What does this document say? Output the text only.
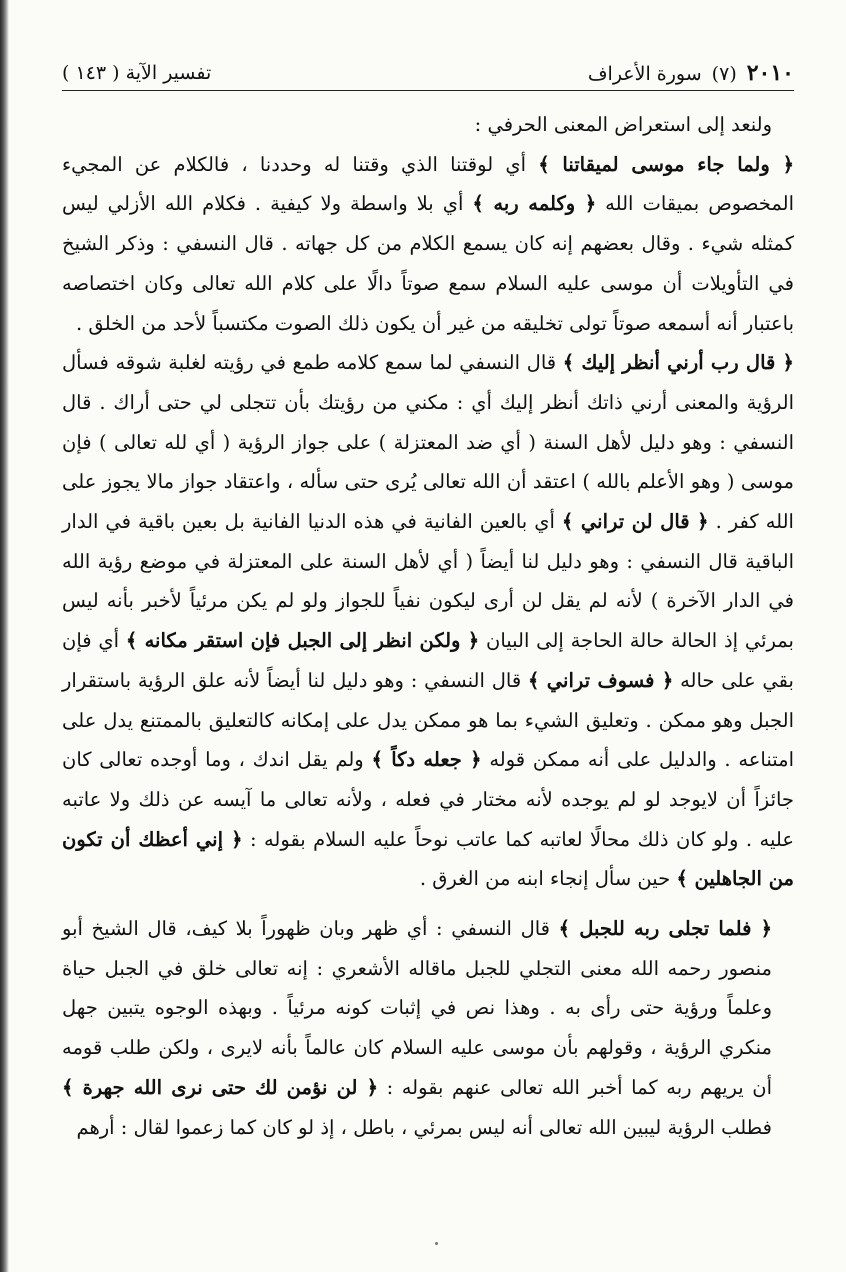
٢٠١٠
(٧)
سورة الأعراف
تفسير الآية ( ١٤٣ )

ولنعد إلى استعراض المعنى الحرفي :

﴿ ولما جاء موسى لميقاتنا ﴾ أي لوقتنا الذي وقتنا له وحددنا ، فالكلام عن المجيء المخصوص بميقات الله ﴿ وكلمه ربه ﴾ أي بلا واسطة ولا كيفية . فكلام الله الأزلي ليس كمثله شيء . وقال بعضهم إنه كان يسمع الكلام من كل جهاته . قال النسفي : وذكر الشيخ في التأويلات أن موسى عليه السلام سمع صوتاً دالًا على كلام الله تعالى وكان اختصاصه باعتبار أنه أسمعه صوتاً تولى تخليقه من غير أن يكون ذلك الصوت مكتسباً لأحد من الخلق .

﴿ قال رب أرني أنظر إليك ﴾ قال النسفي لما سمع كلامه طمع في رؤيته لغلبة شوقه فسأل الرؤية والمعنى أرني ذاتك أنظر إليك أي : مكني من رؤيتك بأن تتجلى لي حتى أراك . قال النسفي : وهو دليل لأهل السنة ( أي ضد المعتزلة ) على جواز الرؤية ( أي لله تعالى ) فإن موسى ( وهو الأعلم بالله ) اعتقد أن الله تعالى يُرى حتى سأله ، واعتقاد جواز مالا يجوز على الله كفر . ﴿ قال لن تراني ﴾ أي بالعين الفانية في هذه الدنيا الفانية بل بعين باقية في الدار الباقية قال النسفي : وهو دليل لنا أيضاً ( أي لأهل السنة على المعتزلة في موضع رؤية الله في الدار الآخرة ) لأنه لم يقل لن أرى ليكون نفياً للجواز ولو لم يكن مرئياً لأخبر بأنه ليس بمرئي إذ الحالة حالة الحاجة إلى البيان ﴿ ولكن انظر إلى الجبل فإن استقر مكانه ﴾ أي فإن بقي على حاله ﴿ فسوف تراني ﴾ قال النسفي : وهو دليل لنا أيضاً لأنه علق الرؤية باستقرار الجبل وهو ممكن . وتعليق الشيء بما هو ممكن يدل على إمكانه كالتعليق بالممتنع يدل على امتناعه . والدليل على أنه ممكن قوله ﴿ جعله دكاً ﴾ ولم يقل اندك ، وما أوجده تعالى كان جائزاً أن لايوجد لو لم يوجده لأنه مختار في فعله ، ولأنه تعالى ما آيسه عن ذلك ولا عاتبه عليه . ولو كان ذلك محالًا لعاتبه كما عاتب نوحاً عليه السلام بقوله : ﴿ إني أعظك أن تكون من الجاهلين ﴾ حين سأل إنجاء ابنه من الغرق .

﴿ فلما تجلى ربه للجبل ﴾ قال النسفي : أي ظهر وبان ظهوراً بلا كيف، قال الشيخ أبو منصور رحمه الله معنى التجلي للجبل ماقاله الأشعري : إنه تعالى خلق في الجبل حياة وعلماً ورؤية حتى رأى به . وهذا نص في إثبات كونه مرئياً . وبهذه الوجوه يتبين جهل منكري الرؤية ، وقولهم بأن موسى عليه السلام كان عالماً بأنه لايرى ، ولكن طلب قومه أن يريهم ربه كما أخبر الله تعالى عنهم بقوله : ﴿ لن نؤمن لك حتى نرى الله جهرة ﴾ فطلب الرؤية ليبين الله تعالى أنه ليس بمرئي ، باطل ، إذ لو كان كما زعموا لقال : أرهم
